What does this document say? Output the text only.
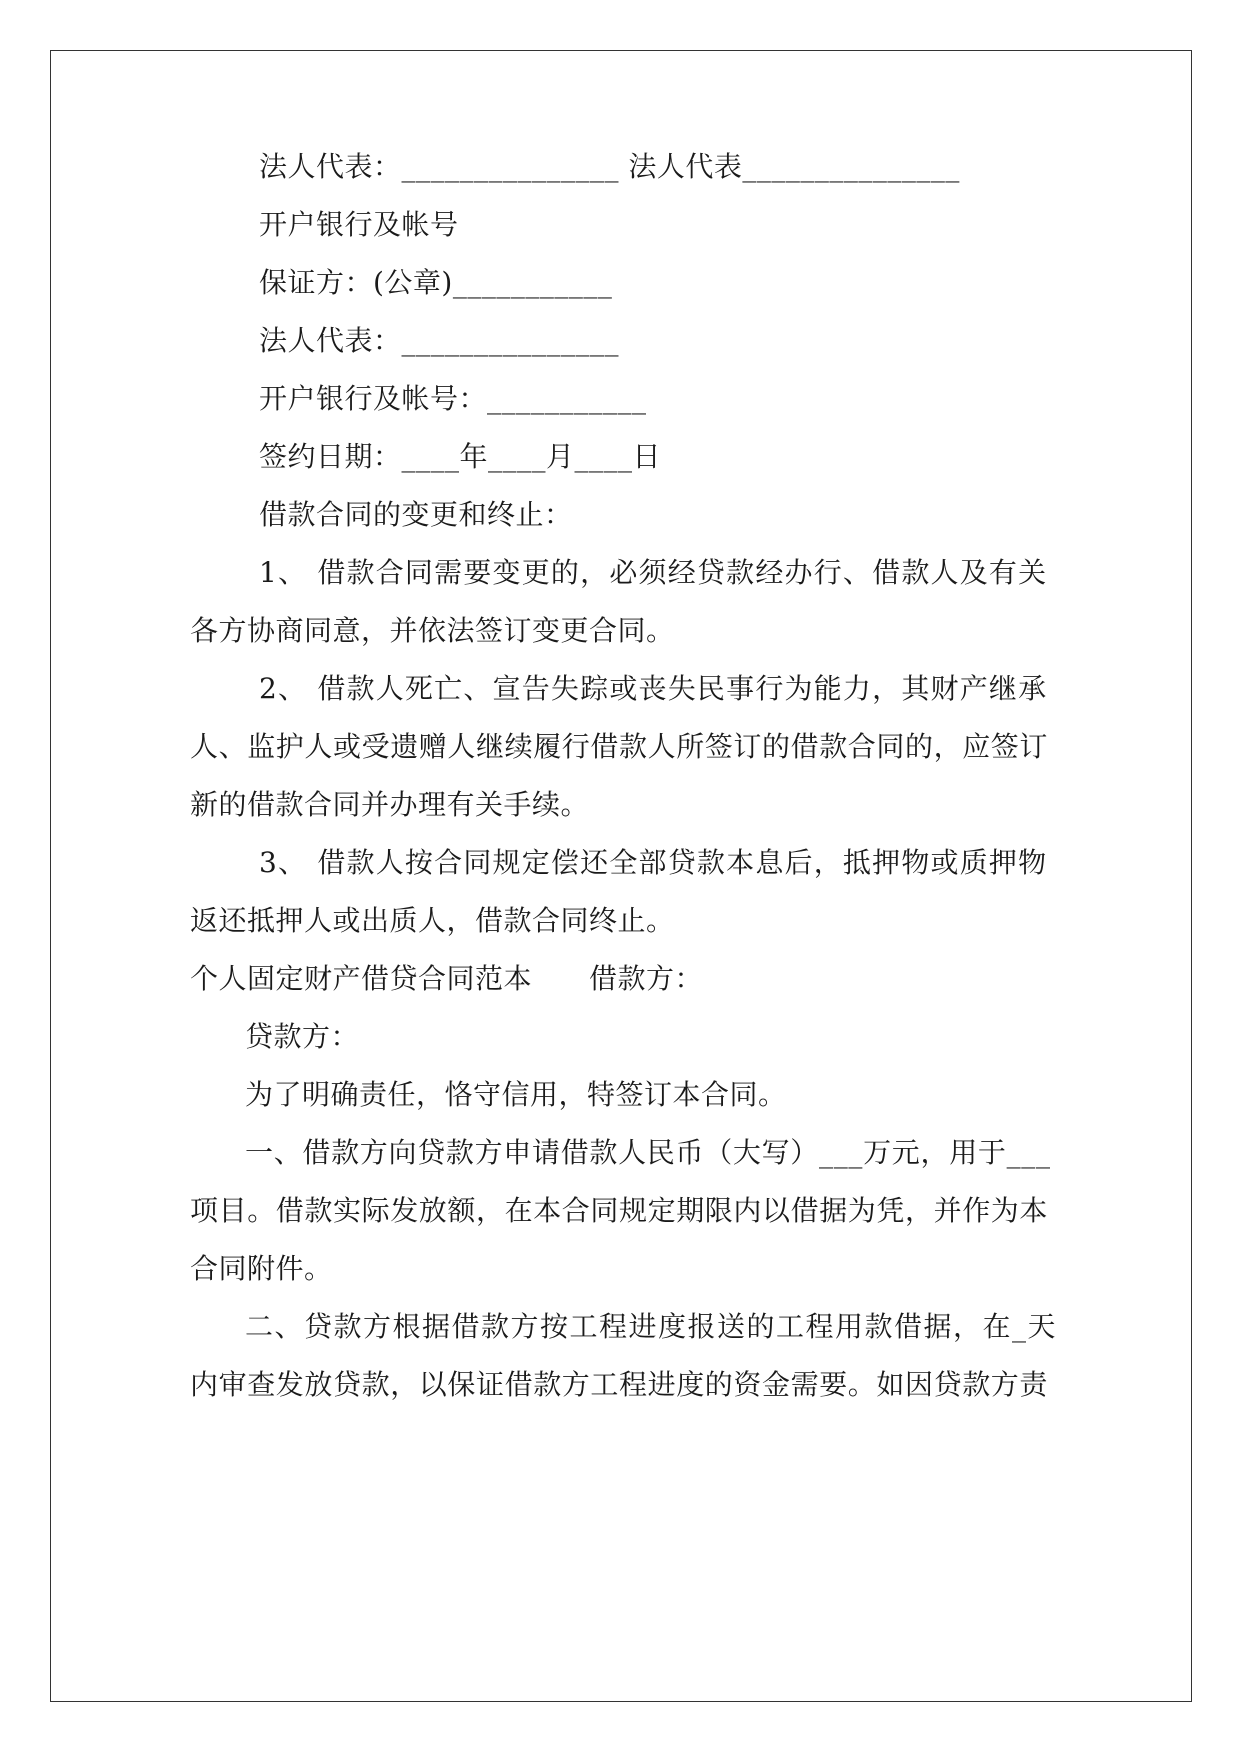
法人代表：_______________ 法人代表_______________
开户银行及帐号
保证方：(公章)___________
法人代表：_______________
开户银行及帐号：___________
签约日期：____年____月____日
借款合同的变更和终止：
1、 借款合同需要变更的，必须经贷款经办行、借款人及有关
各方协商同意，并依法签订变更合同。
2、 借款人死亡、宣告失踪或丧失民事行为能力，其财产继承
人、监护人或受遗赠人继续履行借款人所签订的借款合同的，应签订
新的借款合同并办理有关手续。
3、 借款人按合同规定偿还全部贷款本息后，抵押物或质押物
返还抵押人或出质人，借款合同终止。
个人固定财产借贷合同范本　　借款方：
贷款方：
为了明确责任，恪守信用，特签订本合同。
一、借款方向贷款方申请借款人民币（大写）___万元，用于___
项目。借款实际发放额，在本合同规定期限内以借据为凭，并作为本
合同附件。
二、贷款方根据借款方按工程进度报送的工程用款借据，在_天
内审查发放贷款，以保证借款方工程进度的资金需要。如因贷款方责
